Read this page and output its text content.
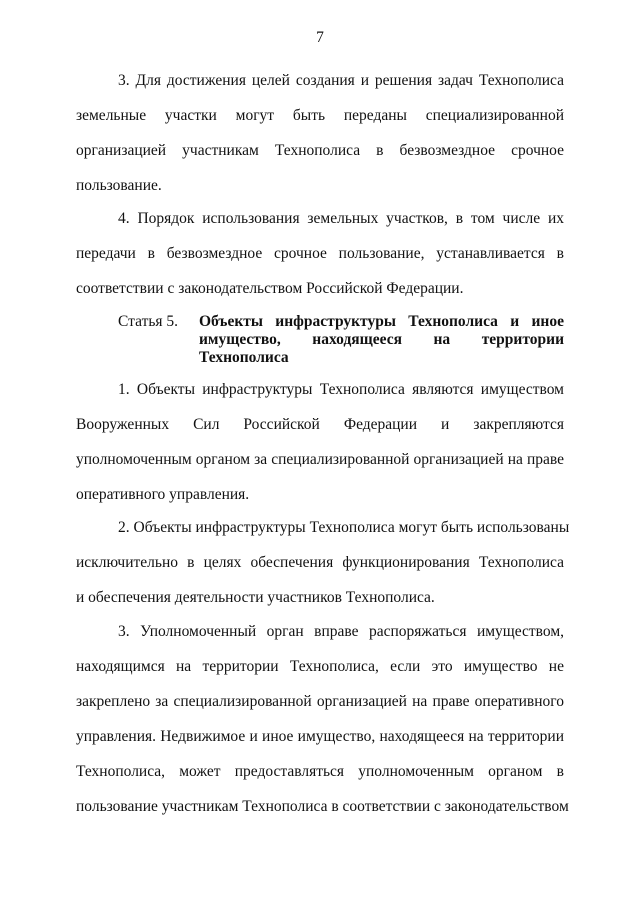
7
3. Для достижения целей создания и решения задач Технополиса
земельные участки могут быть переданы специализированной
организацией участникам Технополиса в безвозмездное срочное
пользование.
4. Порядок использования земельных участков, в том числе их
передачи в безвозмездное срочное пользование, устанавливается в
соответствии с законодательством Российской Федерации.
Статья 5. Объекты инфраструктуры Технополиса и иное
имущество, находящееся на территории
Технополиса
1. Объекты инфраструктуры Технополиса являются имуществом
Вооруженных Сил Российской Федерации и закрепляются
уполномоченным органом за специализированной организацией на праве
оперативного управления.
2. Объекты инфраструктуры Технополиса могут быть использованы
исключительно в целях обеспечения функционирования Технополиса
и обеспечения деятельности участников Технополиса.
3. Уполномоченный орган вправе распоряжаться имуществом,
находящимся на территории Технополиса, если это имущество не
закреплено за специализированной организацией на праве оперативного
управления. Недвижимое и иное имущество, находящееся на территории
Технополиса, может предоставляться уполномоченным органом в
пользование участникам Технополиса в соответствии с законодательством
